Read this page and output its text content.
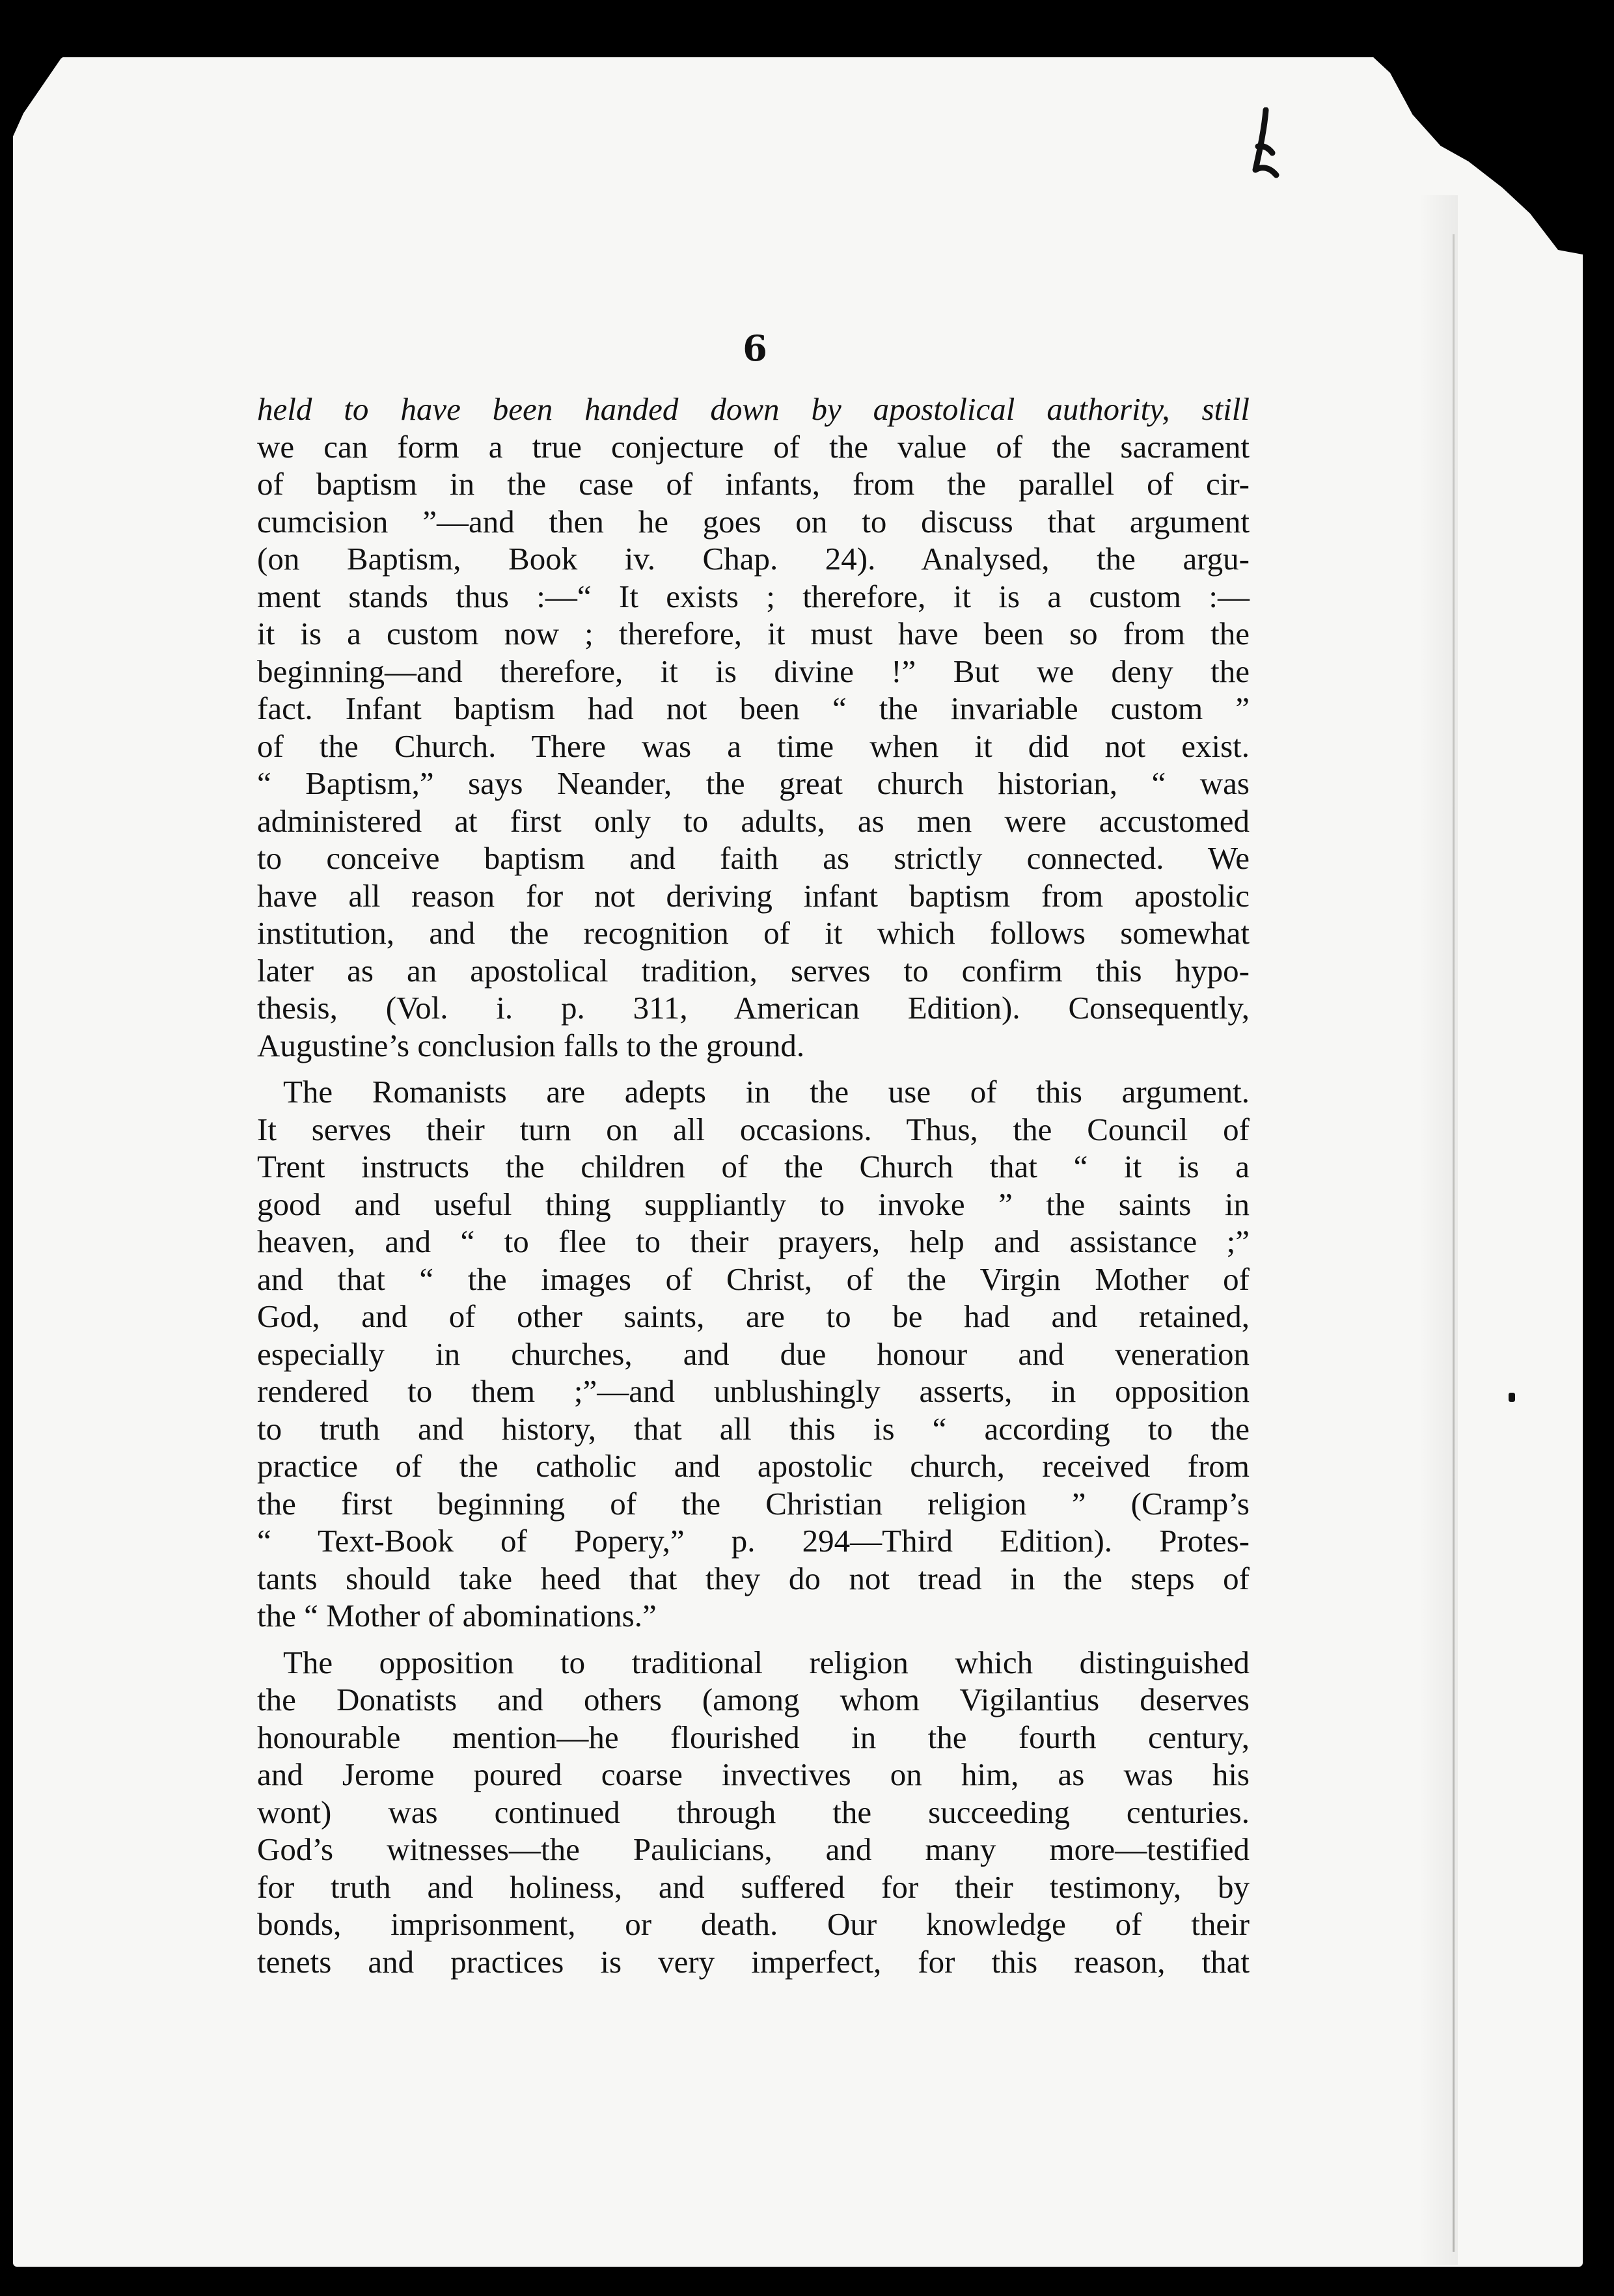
6
held to have been handed down by apostolical authority, still
we can form a true conjecture of the value of the sacrament
of baptism in the case of infants, from the parallel of cir-
cumcision ”—and then he goes on to discuss that argument
(on Baptism, Book iv. Chap. 24). Analysed, the argu-
ment stands thus :—“ It exists ; therefore, it is a custom :—
it is a custom now ; therefore, it must have been so from the
beginning—and therefore, it is divine !” But we deny the
fact. Infant baptism had not been “ the invariable custom ”
of the Church. There was a time when it did not exist.
“ Baptism,” says Neander, the great church historian, “ was
administered at first only to adults, as men were accustomed
to conceive baptism and faith as strictly connected. We
have all reason for not deriving infant baptism from apostolic
institution, and the recognition of it which follows somewhat
later as an apostolical tradition, serves to confirm this hypo-
thesis, (Vol. i. p. 311, American Edition). Consequently,
Augustine’s conclusion falls to the ground.
The Romanists are adepts in the use of this argument.
It serves their turn on all occasions. Thus, the Council of
Trent instructs the children of the Church that “ it is a
good and useful thing suppliantly to invoke ” the saints in
heaven, and “ to flee to their prayers, help and assistance ;”
and that “ the images of Christ, of the Virgin Mother of
God, and of other saints, are to be had and retained,
especially in churches, and due honour and veneration
rendered to them ;”—and unblushingly asserts, in opposition
to truth and history, that all this is “ according to the
practice of the catholic and apostolic church, received from
the first beginning of the Christian religion ” (Cramp’s
“ Text-Book of Popery,” p. 294—Third Edition). Protes-
tants should take heed that they do not tread in the steps of
the “ Mother of abominations.”
The opposition to traditional religion which distinguished
the Donatists and others (among whom Vigilantius deserves
honourable mention—he flourished in the fourth century,
and Jerome poured coarse invectives on him, as was his
wont) was continued through the succeeding centuries.
God’s witnesses—the Paulicians, and many more—testified
for truth and holiness, and suffered for their testimony, by
bonds, imprisonment, or death. Our knowledge of their
tenets and practices is very imperfect, for this reason, that
